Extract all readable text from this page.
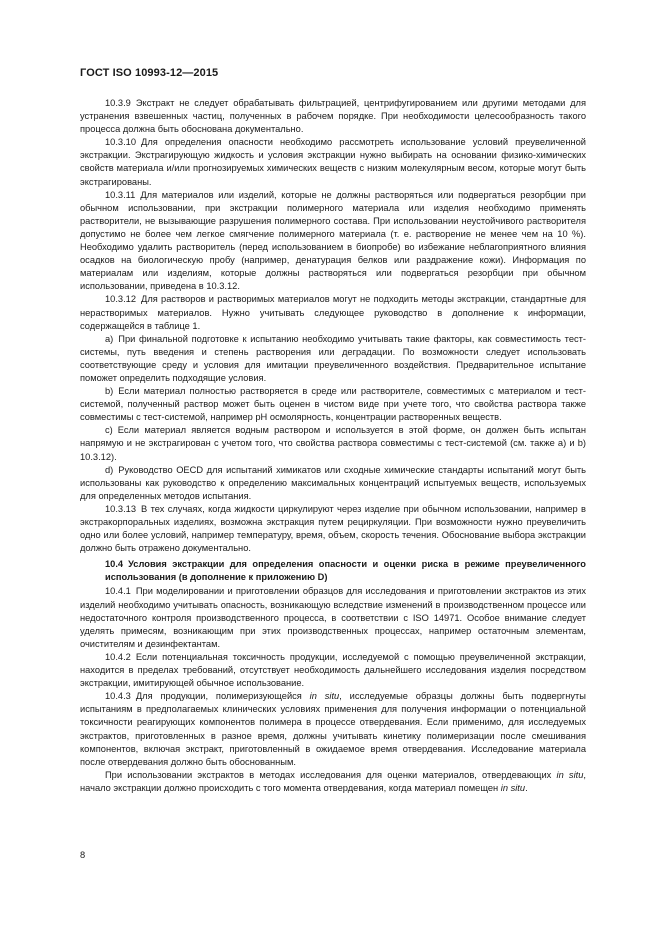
ГОСТ ISO 10993-12—2015

10.3.9 Экстракт не следует обрабатывать фильтрацией, центрифугированием или другими методами для устранения взвешенных частиц, полученных в рабочем порядке. При необходимости целесообразность такого процесса должна быть обоснована документально.

10.3.10 Для определения опасности необходимо рассмотреть использование условий преувеличенной экстракции. Экстрагирующую жидкость и условия экстракции нужно выбирать на основании физико-химических свойств материала и/или прогнозируемых химических веществ с низким молекулярным весом, которые могут быть экстрагированы.

10.3.11 Для материалов или изделий, которые не должны растворяться или подвергаться резорбции при обычном использовании, при экстракции полимерного материала или изделия необходимо применять растворители, не вызывающие разрушения полимерного состава. При использовании неустойчивого растворителя допустимо не более чем легкое смягчение полимерного материала (т. е. растворение не менее чем на 10 %). Необходимо удалить растворитель (перед использованием в биопробе) во избежание неблагоприятного влияния осадков на биологическую пробу (например, денатурация белков или раздражение кожи). Информация по материалам или изделиям, которые должны растворяться или подвергаться резорбции при обычном использовании, приведена в 10.3.12.

10.3.12 Для растворов и растворимых материалов могут не подходить методы экстракции, стандартные для нерастворимых материалов. Нужно учитывать следующее руководство в дополнение к информации, содержащейся в таблице 1.

a) При финальной подготовке к испытанию необходимо учитывать такие факторы, как совместимость тест-системы, путь введения и степень растворения или деградации. По возможности следует использовать соответствующие среду и условия для имитации преувеличенного воздействия. Предварительное испытание поможет определить подходящие условия.

b) Если материал полностью растворяется в среде или растворителе, совместимых с материалом и тест-системой, полученный раствор может быть оценен в чистом виде при учете того, что свойства раствора также совместимы с тест-системой, например pH осмолярность, концентрации растворенных веществ.

c) Если материал является водным раствором и используется в этой форме, он должен быть испытан напрямую и не экстрагирован с учетом того, что свойства раствора совместимы с тест-системой (см. также a) и b) 10.3.12).

d) Руководство OECD для испытаний химикатов или сходные химические стандарты испытаний могут быть использованы как руководство к определению максимальных концентраций испытуемых веществ, используемых для определенных методов испытания.

10.3.13 В тех случаях, когда жидкости циркулируют через изделие при обычном использовании, например в экстракорпоральных изделиях, возможна экстракция путем рециркуляции. При возможности нужно преувеличить одно или более условий, например температуру, время, объем, скорость течения. Обоснование выбора экстракции должно быть отражено документально.

10.4 Условия экстракции для определения опасности и оценки риска в режиме преувеличенного использования (в дополнение к приложению D)

10.4.1 При моделировании и приготовлении образцов для исследования и приготовлении экстрактов из этих изделий необходимо учитывать опасность, возникающую вследствие изменений в производственном процессе или недостаточного контроля производственного процесса, в соответствии с ISO 14971. Особое внимание следует уделять примесям, возникающим при этих производственных процессах, например остаточным элементам, очистителям и дезинфектантам.

10.4.2 Если потенциальная токсичность продукции, исследуемой с помощью преувеличенной экстракции, находится в пределах требований, отсутствует необходимость дальнейшего исследования изделия посредством экстракции, имитирующей обычное использование.

10.4.3 Для продукции, полимеризующейся in situ, исследуемые образцы должны быть подвергнуты испытаниям в предполагаемых клинических условиях применения для получения информации о потенциальной токсичности реагирующих компонентов полимера в процессе отвердевания. Если применимо, для исследуемых экстрактов, приготовленных в разное время, должны учитывать кинетику полимеризации после смешивания компонентов, включая экстракт, приготовленный в ожидаемое время отвердевания. Исследование материала после отвердевания должно быть обоснованным.

При использовании экстрактов в методах исследования для оценки материалов, отвердевающих in situ, начало экстракции должно происходить с того момента отвердевания, когда материал помещен in situ.

8
